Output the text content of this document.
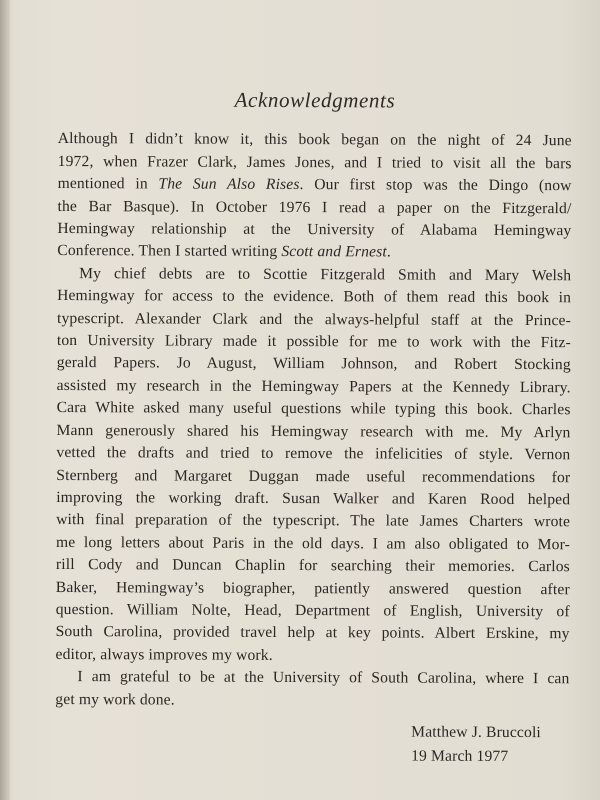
Acknowledgments

Although I didn’t know it, this book began on the night of 24 June
1972, when Frazer Clark, James Jones, and I tried to visit all the bars
mentioned in The Sun Also Rises. Our first stop was the Dingo (now
the Bar Basque). In October 1976 I read a paper on the Fitzgerald/
Hemingway relationship at the University of Alabama Hemingway
Conference. Then I started writing Scott and Ernest.

My chief debts are to Scottie Fitzgerald Smith and Mary Welsh
Hemingway for access to the evidence. Both of them read this book in
typescript. Alexander Clark and the always-helpful staff at the Prince-
ton University Library made it possible for me to work with the Fitz-
gerald Papers. Jo August, William Johnson, and Robert Stocking
assisted my research in the Hemingway Papers at the Kennedy Library.
Cara White asked many useful questions while typing this book. Charles
Mann generously shared his Hemingway research with me. My Arlyn
vetted the drafts and tried to remove the infelicities of style. Vernon
Sternberg and Margaret Duggan made useful recommendations for
improving the working draft. Susan Walker and Karen Rood helped
with final preparation of the typescript. The late James Charters wrote
me long letters about Paris in the old days. I am also obligated to Mor-
rill Cody and Duncan Chaplin for searching their memories. Carlos
Baker, Hemingway’s biographer, patiently answered question after
question. William Nolte, Head, Department of English, University of
South Carolina, provided travel help at key points. Albert Erskine, my
editor, always improves my work.

I am grateful to be at the University of South Carolina, where I can
get my work done.

Matthew J. Bruccoli
19 March 1977
